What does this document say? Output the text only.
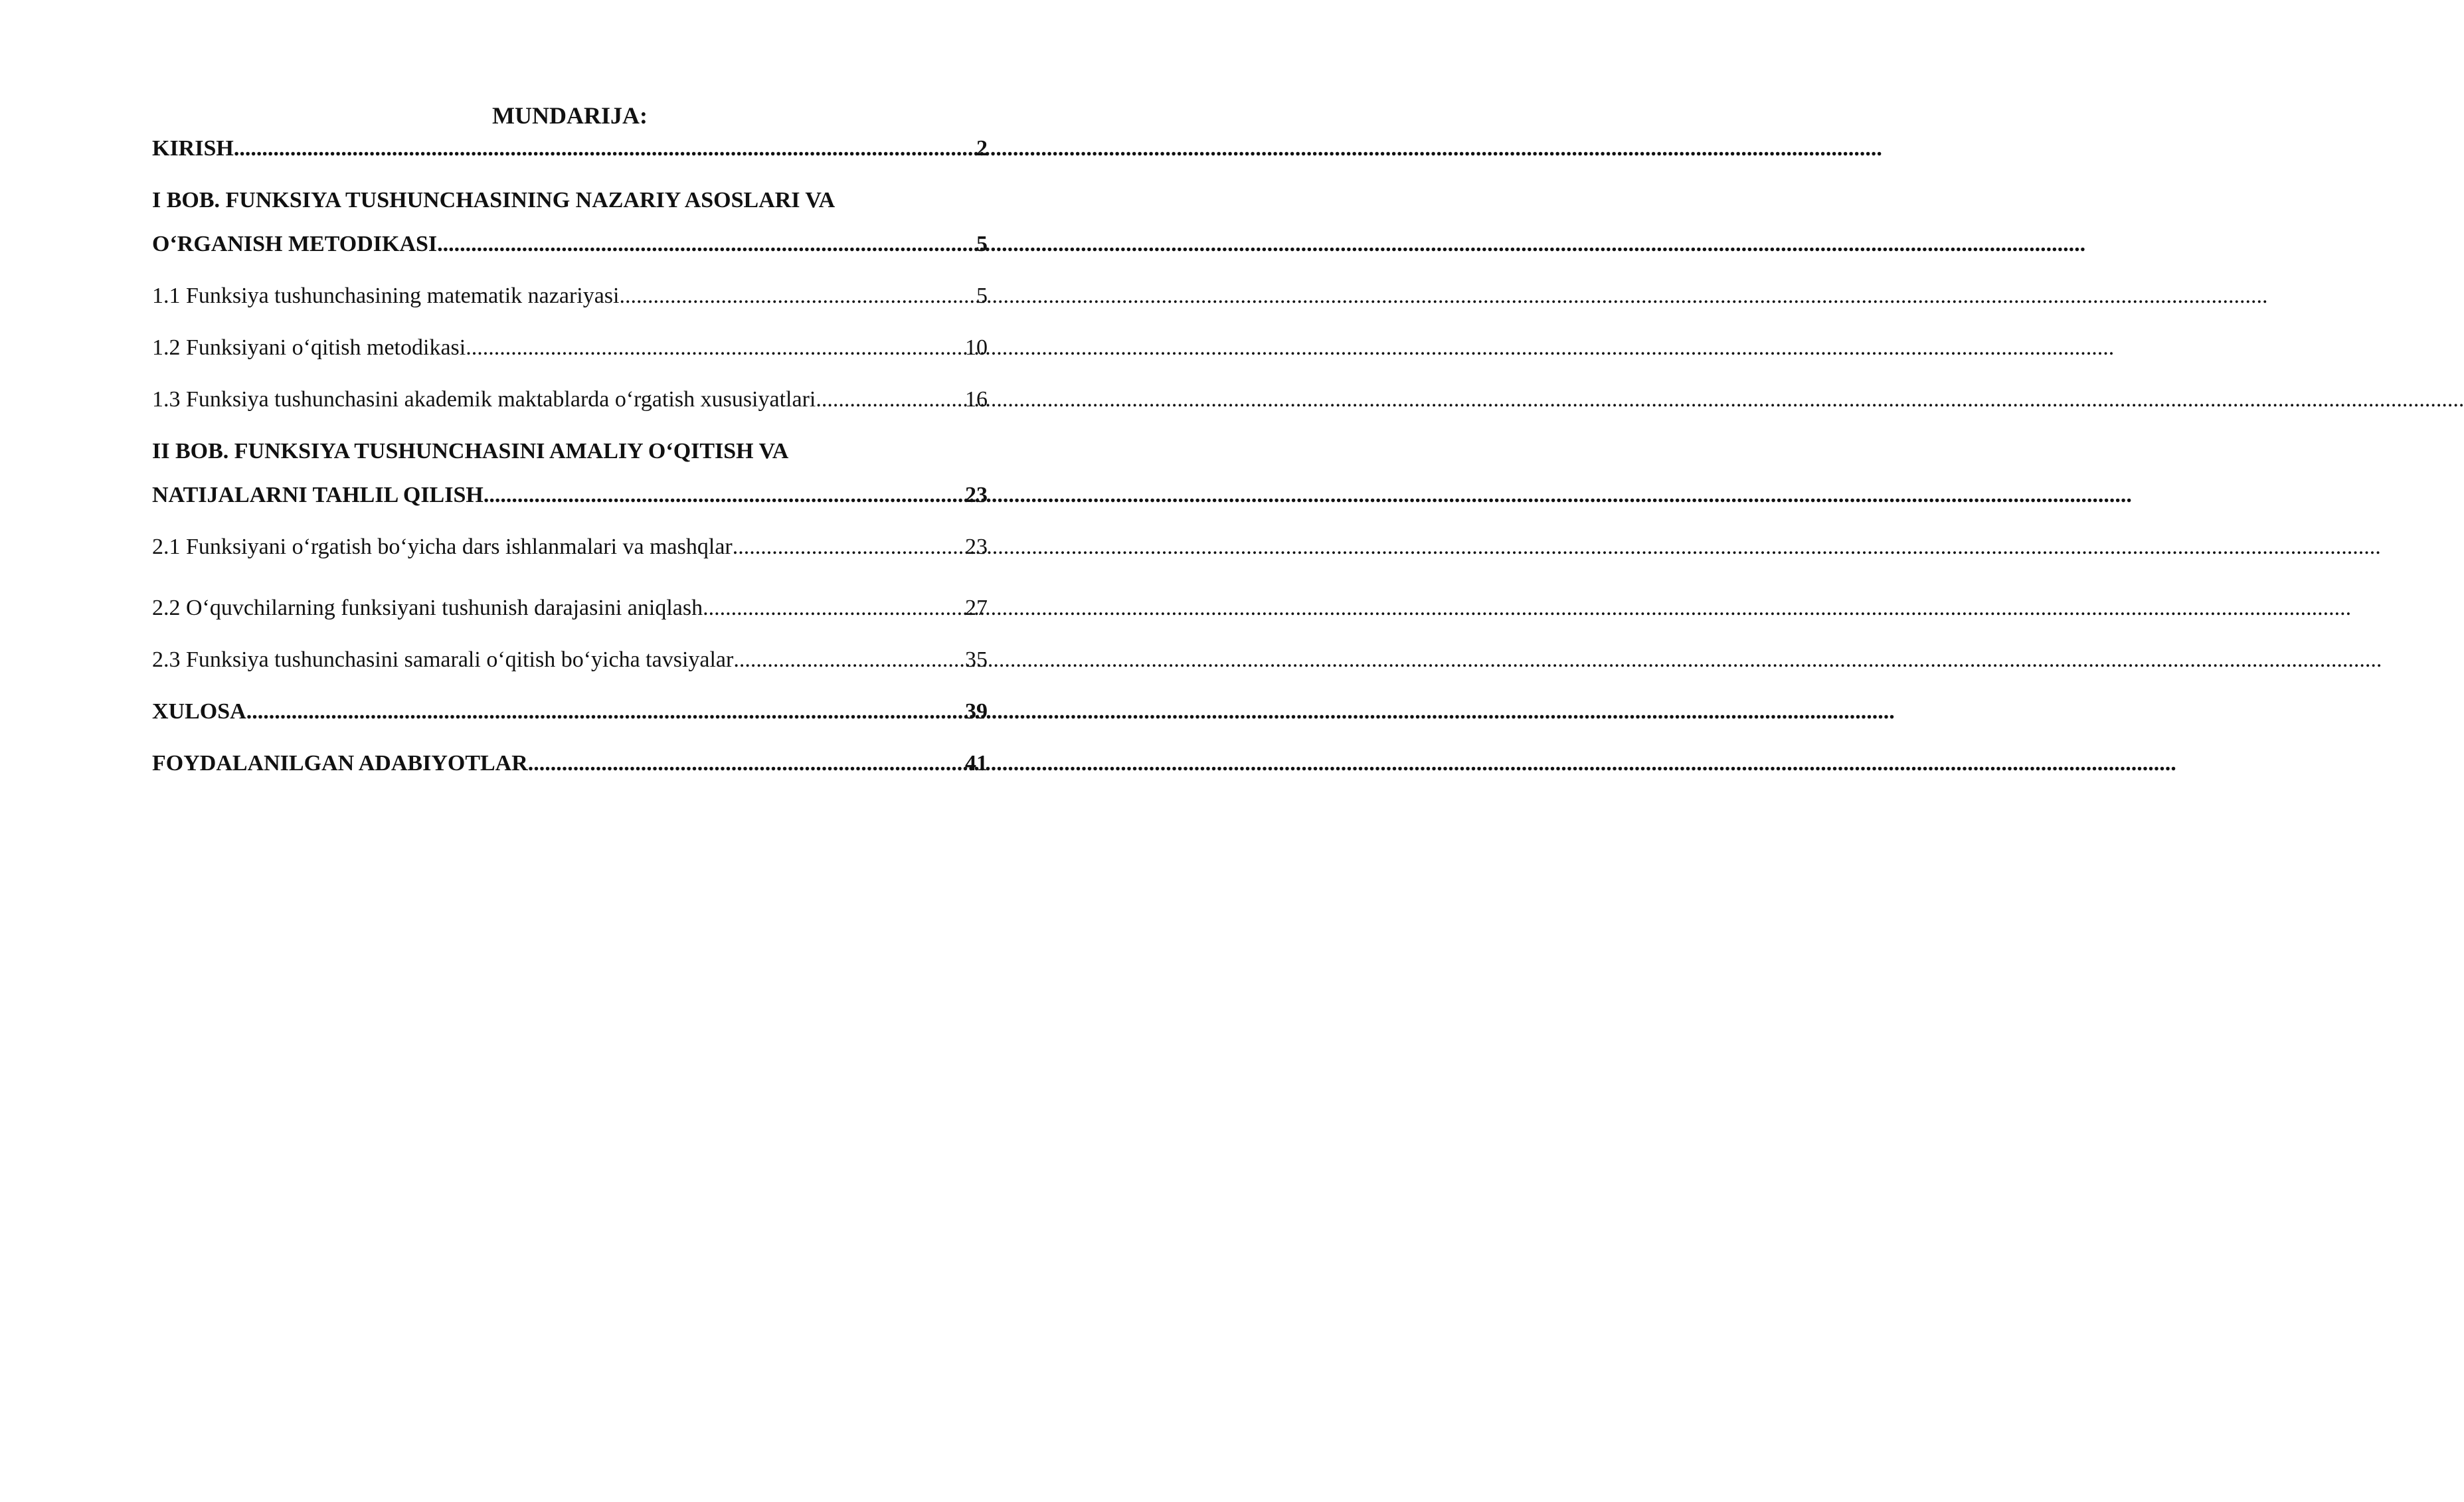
MUNDARIJA:
KIRISH .....	2
I BOB. FUNKSIYA TUSHUNCHASINING NAZARIY ASOSLARI VA
O‘RGANISH METODIKASI .....	5
1.1 Funksiya tushunchasining matematik nazariyasi .....	5
1.2 Funksiyani o‘qitish metodikasi .....	10
1.3 Funksiya tushunchasini akademik maktablarda o‘rgatish xususiyatlari .....	16
II BOB. FUNKSIYA TUSHUNCHASINI AMALIY O‘QITISH VA
NATIJALARNI TAHLIL QILISH .....	23
2.1 Funksiyani o‘rgatish bo‘yicha dars ishlanmalari va mashqlar .....	23
2.2 O‘quvchilarning funksiyani tushunish darajasini aniqlash .....	27
2.3 Funksiya tushunchasini samarali o‘qitish bo‘yicha tavsiyalar .....	35
XULOSA .....	39
FOYDALANILGAN ADABIYOTLAR .....	41
